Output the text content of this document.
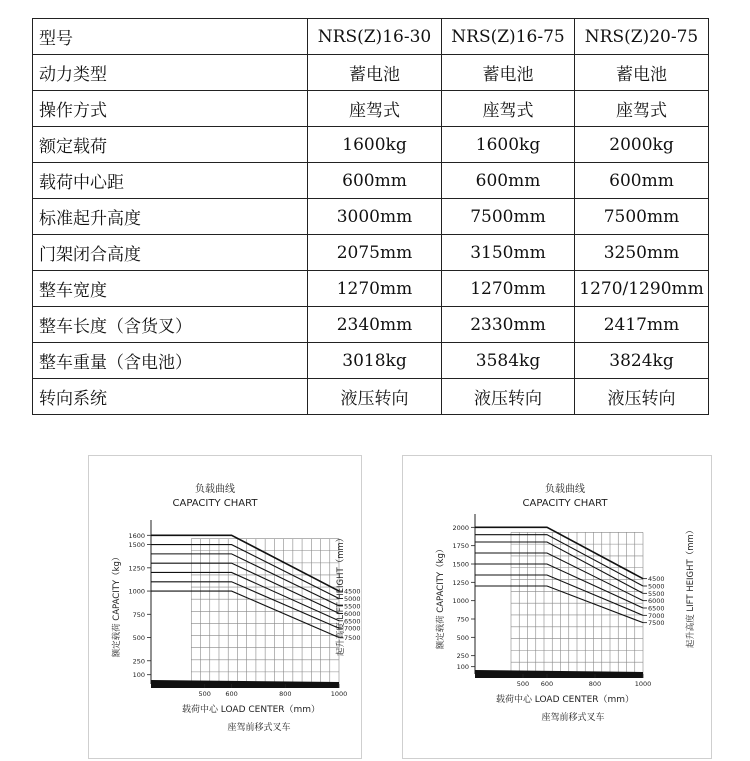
型号	NRS(Z)16-30	NRS(Z)16-75	NRS(Z)20-75
动力类型	蓄电池	蓄电池	蓄电池
操作方式	座驾式	座驾式	座驾式
额定载荷	1600kg	1600kg	2000kg
载荷中心距	600mm	600mm	600mm
标准起升高度	3000mm	7500mm	7500mm
门架闭合高度	2075mm	3150mm	3250mm
整车宽度	1270mm	1270mm	1270/1290mm
整车长度（含货叉）	2340mm	2330mm	2417mm
整车重量（含电池）	3018kg	3584kg	3824kg
转向系统	液压转向	液压转向	液压转向
负载曲线
CAPACITY CHART
1600
1500
1250
1000
750
500
250
100
500 600	800	1000
4500
5000
5500
6000
6500
7000
7500
额定载荷 CAPACITY（kg）	起升高度 LIFT HEIGHT（mm）
载荷中心 LOAD CENTER（mm）
座驾前移式叉车
负载曲线
CAPACITY CHART
2000
1750
1500
1250
1000
750
500
250
100
500 600	800	1000
4500
5000
5500
6000
6500
7000
7500
额定载荷 CAPACITY（kg）	起升高度 LIFT HEIGHT（mm）
载荷中心 LOAD CENTER（mm）
座驾前移式叉车
